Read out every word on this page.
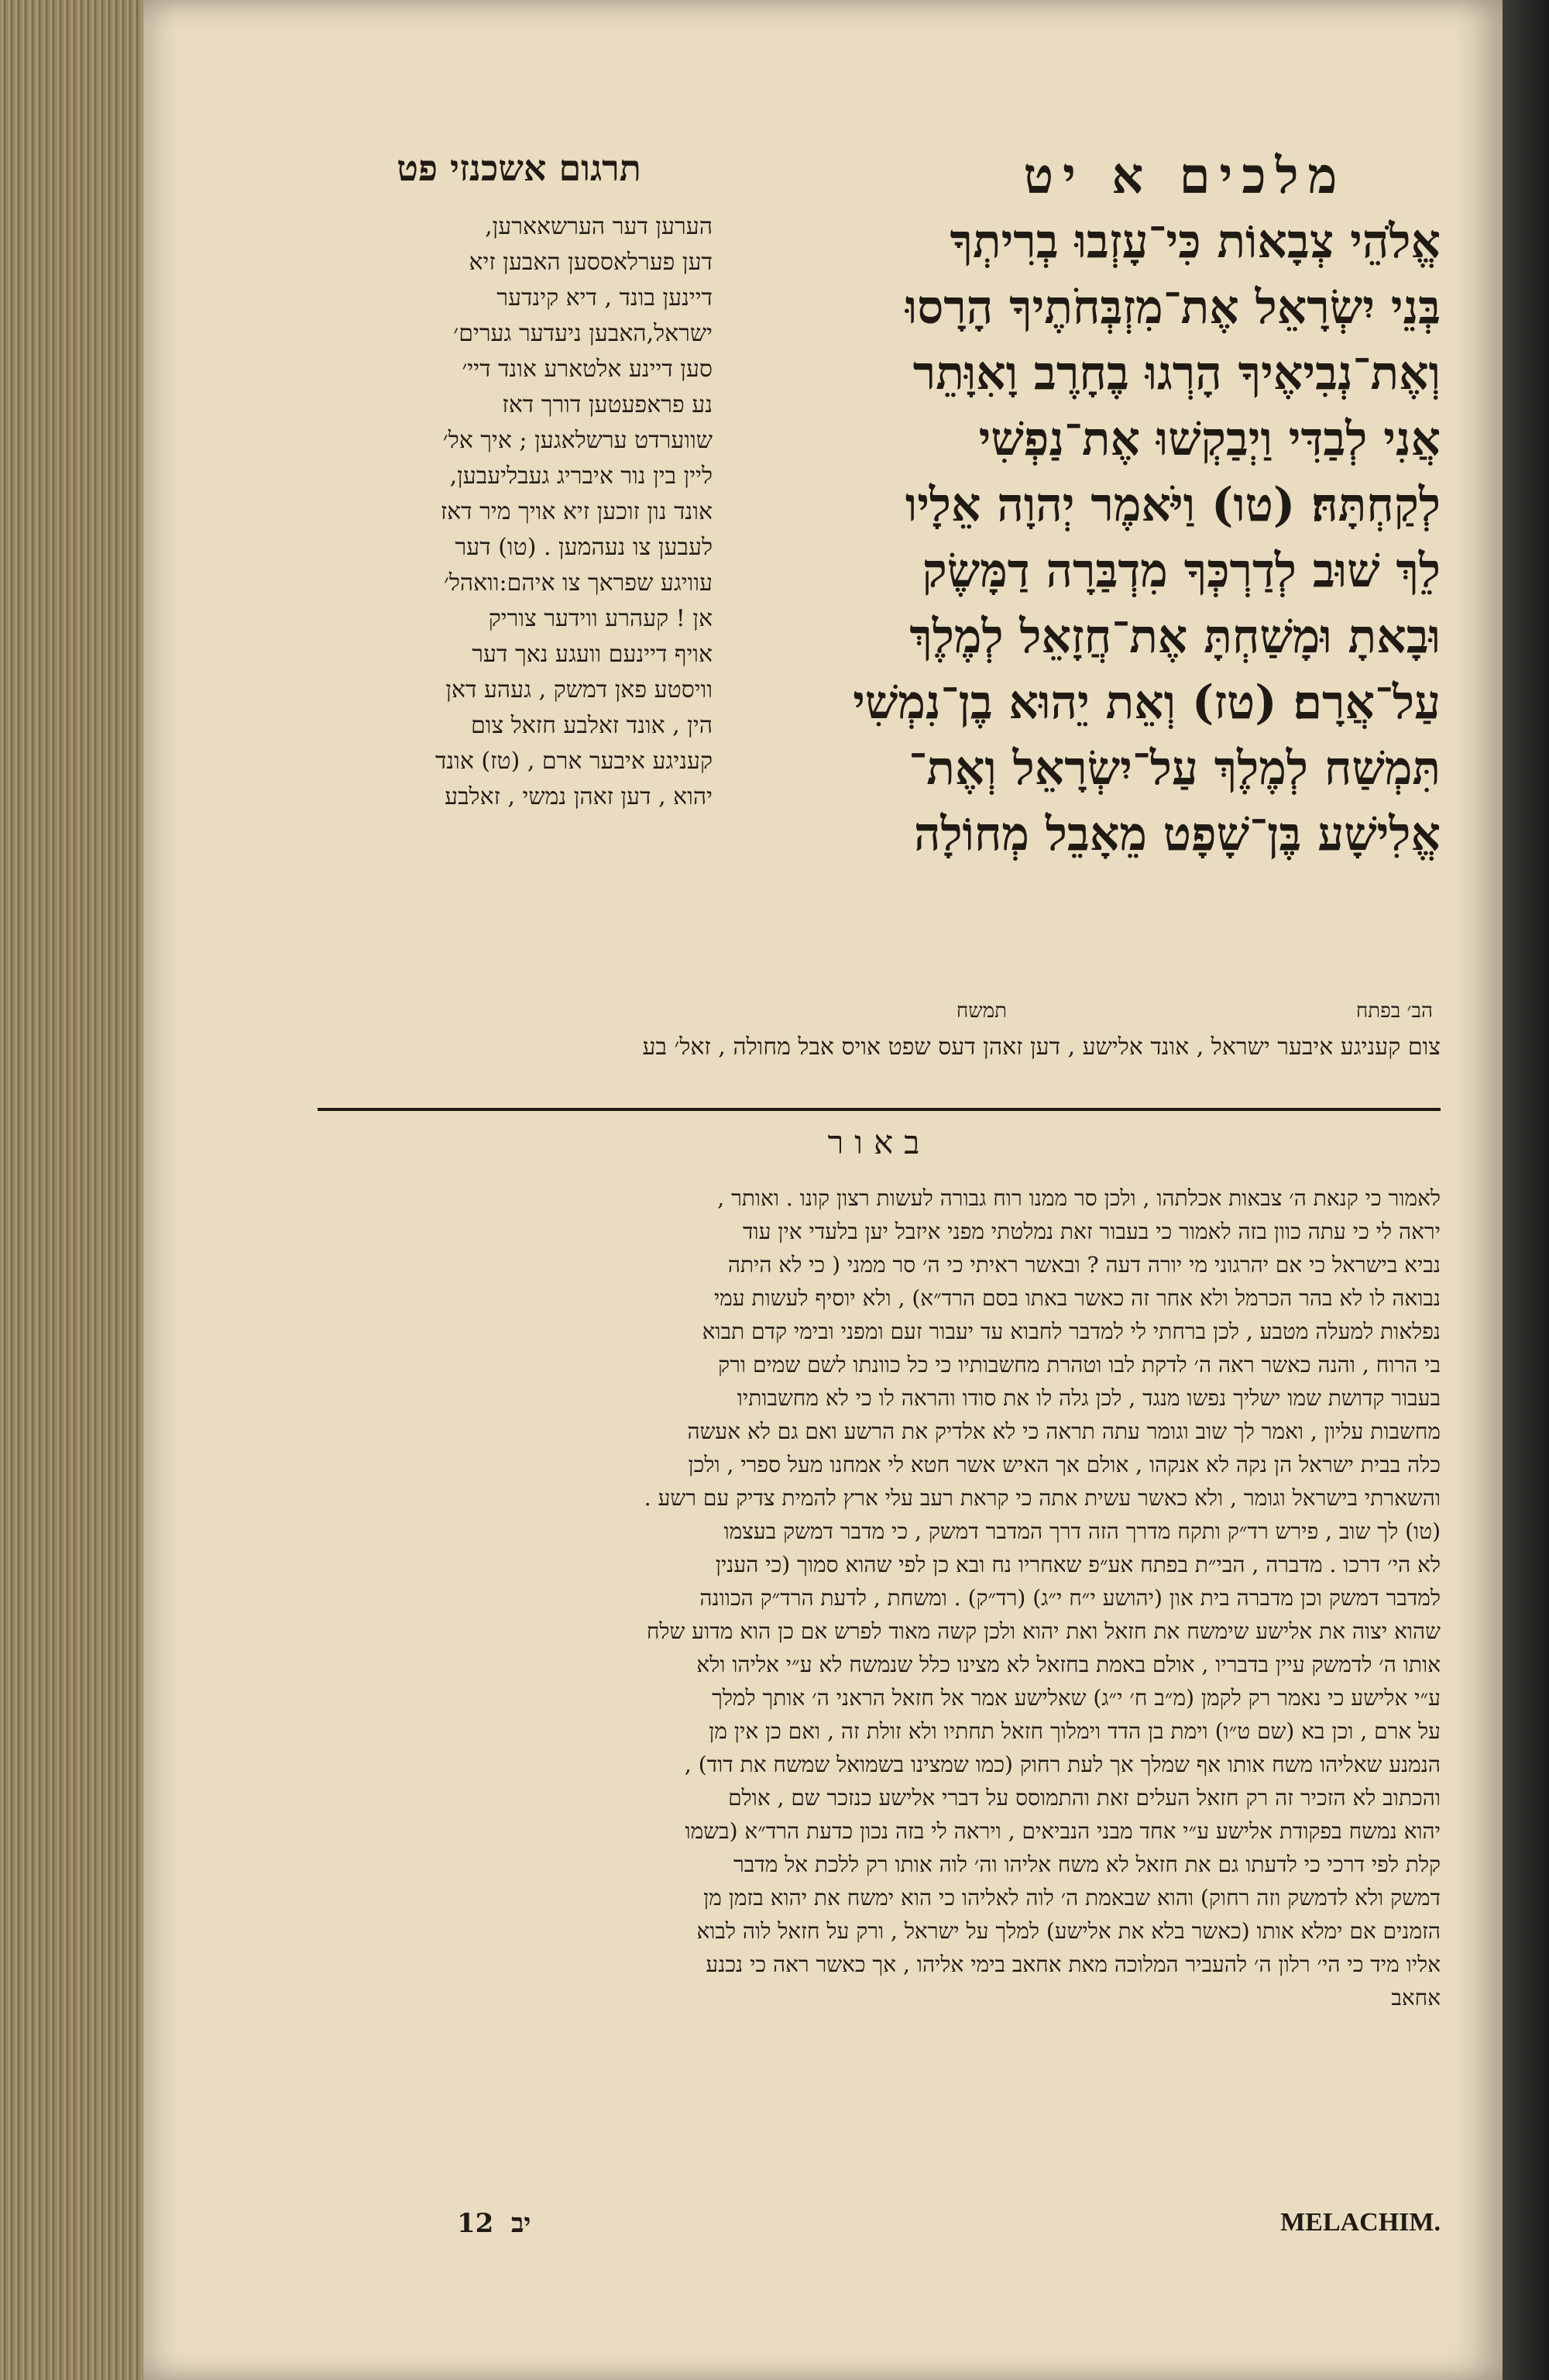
תרגום אשכנזי פט	מלכים א יט
הערען דער הערשאארען,
דען פערלאססען האבען זיא
דיינען בונד , דיא קינדער
ישראל,האבען ניעדער גערים׳
סען דיינע אלטארע אונד דיי׳
נע פראפעטען דורך דאז
שווערדט ערשלאגען ; איך אל׳
ליין בין נור איבריג געבליעבען,
אונד נון זוכען זיא אויך מיר דאז
לעבען צו נעהמען . (טו) דער
עוויגע שפראך צו איהם:וואהל׳
אן ! קעהרע ווידער צוריק
אויף דיינעם וועגע נאך דער
וויסטע פאן דמשק , געהע דאן
הין , אונד זאלבע חזאל צום
קעניגע איבער ארם , (טז) אונד
יהוא , דען זאהן נמשי , זאלבע
אֱלֹהֵי צְבָאוֹת כִּי־עָזְבוּ בְרִיתְךָ
בְּנֵי יִשְׂרָאֵל אֶת־מִזְבְּחֹתֶיךָ הָרָסוּ
וְאֶת־נְבִיאֶיךָ הָרְגוּ בֶחָרֶב וָאִוָּתֵר
אֲנִי לְבַדִּי וַיְבַקְשׁוּ אֶת־נַפְשִׁי
לְקַחְתָּהּ׃ (טו) וַיֹּאמֶר יְהוָה אֵלָיו
לֵךְ שׁוּב לְדַרְכְּךָ מִדְבַּרָה דַמָּשֶׂק
וּבָאתָ וּמָשַׁחְתָּ אֶת־חֲזָאֵל לְמֶלֶךְ
עַל־אֲרָם׃ (טז) וְאֵת יֵהוּא בֶן־נִמְשִׁי
תִּמְשַׁח לְמֶלֶךְ עַל־יִשְׂרָאֵל וְאֶת־
אֱלִישָׁע בֶּן־שָׁפָט מֵאָבֵל מְחוֹלָה
הב׳ בפתח
תמשח
צום קעניגע איבער ישראל , אונד אלישע , דען זאהן דעס שפט אויס אבל מחולה , זאל׳ בע
באור
לאמור כי קנאת ה׳ צבאות אכלתהו , ולכן סר ממנו רוח גבורה לעשות רצון קונו . ואותר ,
יראה לי כי עתה כוון בזה לאמור כי בעבור זאת נמלטתי מפני איזבל יען בלעדי אין עוד
נביא בישראל כי אם יהרגוני מי יורה דעה ? ובאשר ראיתי כי ה׳ סר ממני ( כי לא היתה
נבואה לו לא בהר הכרמל ולא אחר זה כאשר באתו בסם הרד״א) , ולא יוסיף לעשות עמי
נפלאות למעלה מטבע , לכן ברחתי לי למדבר לחבוא עד יעבור זעם ומפני ובימי קדם תבוא
בי הרוח , והנה כאשר ראה ה׳ לדקת לבו וטהרת מחשבותיו כי כל כוונתו לשם שמים ורק
בעבור קדושת שמו ישליך נפשו מנגד , לכן גלה לו את סודו והראה לו כי לא מחשבותיו
מחשבות עליון , ואמר לך שוב וגומר עתה תראה כי לא אלדיק את הרשע ואם גם לא אעשה
כלה בבית ישראל הן נקה לא אנקהו , אולם אך האיש אשר חטא לי אמחנו מעל ספרי , ולכן
והשארתי בישראל וגומר , ולא כאשר עשית אתה כי קראת רעב עלי ארץ להמית צדיק עם רשע .
(טו) לך שוב , פירש רד״ק ותקח מדרך הזה דרך המדבר דמשק , כי מדבר דמשק בעצמו
לא הי׳ דרכו . מדברה , הבי״ת בפתח אע״פ שאחריו נח ובא כן לפי שהוא סמוך (כי הענין
למדבר דמשק וכן מדברה בית און (יהושע י״ח י״ג) (רד״ק) . ומשחת , לדעת הרד״ק הכוונה
שהוא יצוה את אלישע שימשח את חזאל ואת יהוא ולכן קשה מאוד לפרש אם כן הוא מדוע שלח
אותו ה׳ לדמשק עיין בדבריו , אולם באמת בחזאל לא מצינו כלל שנמשח לא ע״י אליהו ולא
ע״י אלישע כי נאמר רק לקמן (מ״ב ח׳ י״ג) שאלישע אמר אל חזאל הראני ה׳ אותך למלך
על ארם , וכן בא (שם ט״ו) וימת בן הדד וימלוך חזאל תחתיו ולא זולת זה , ואם כן אין מן
הנמנע שאליהו משח אותו אף שמלך אך לעת רחוק (כמו שמצינו בשמואל שמשח את דוד) ,
והכתוב לא הזכיר זה רק חזאל העלים זאת והתמוסס על דברי אלישע כנזכר שם , אולם
יהוא נמשח בפקודת אלישע ע״י אחד מבני הנביאים , ויראה לי בזה נכון כדעת הרד״א (בשמו
קלת לפי דרכי כי לדעתו גם את חזאל לא משח אליהו וה׳ לוה אותו רק ללכת אל מדבר
דמשק ולא לדמשק וזה רחוק) והוא שבאמת ה׳ לוה לאליהו כי הוא ימשח את יהוא בזמן מן
הזמנים אם ימלא אותו (כאשר בלא את אלישע) למלך על ישראל , ורק על חזאל לוה לבוא
אליו מיד כי הי׳ רלון ה׳ להעביר המלוכה מאת אחאב בימי אליהו , אך כאשר ראה כי נכנע
אחאב
12 יב	MELACHIM.
